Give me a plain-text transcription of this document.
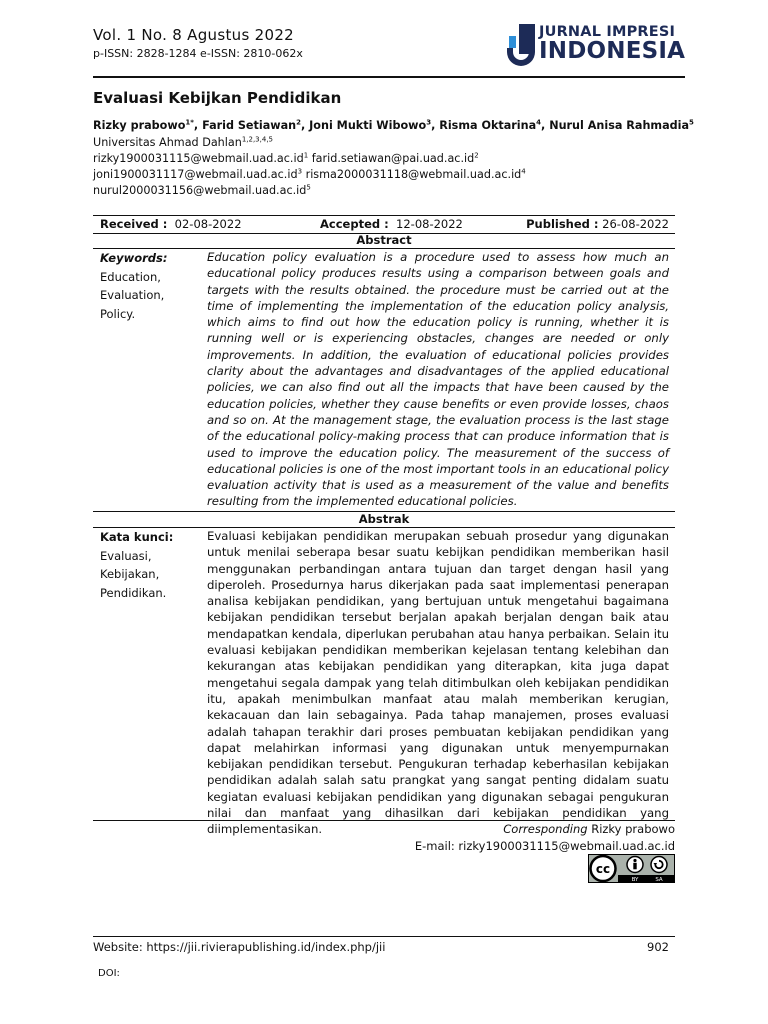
Vol. 1 No. 8 Agustus 2022
p-ISSN: 2828-1284 e-ISSN: 2810-062x
JURNAL IMPRESI
INDONESIA
Evaluasi Kebijkan Pendidikan
Rizky prabowo$^{1*}$, Farid Setiawan$^2$, Joni Mukti Wibowo$^3$, Risma Oktarina$^4$, Nurul Anisa Rahmadia$^5$
Universitas Ahmad Dahlan$^{1,2,3,4,5}$
$rizky1900031115@webmail.uad.ac.id^1$ $farid.setiawan@pai.uad.ac.id^2$
$joni1900031117@webmail.uad.ac.id^3$ $risma2000031118@webmail.uad.ac.id^4$
$nurul2000031156@webmail.uad.ac.id^5$
Received : 02-08-2022	Accepted : 12-08-2022	Published : 26-08-2022
Abstract
Keywords:
Education,
Evaluation,
Policy.
Education policy evaluation is a procedure used to assess how much an educational policy produces results using a comparison between goals and targets with the results obtained. the procedure must be carried out at the time of implementing the implementation of the education policy analysis, which aims to find out how the education policy is running, whether it is running well or is experiencing obstacles, changes are needed or only improvements. In addition, the evaluation of educational policies provides clarity about the advantages and disadvantages of the applied educational policies, we can also find out all the impacts that have been caused by the education policies, whether they cause benefits or even provide losses, chaos and so on. At the management stage, the evaluation process is the last stage of the educational policy-making process that can produce information that is used to improve the education policy. The measurement of the success of educational policies is one of the most important tools in an educational policy evaluation activity that is used as a measurement of the value and benefits resulting from the implemented educational policies.
Abstrak
Kata kunci:
Evaluasi,
Kebijakan,
Pendidikan.
Evaluasi kebijakan pendidikan merupakan sebuah prosedur yang digunakan untuk menilai seberapa besar suatu kebijkan pendidikan memberikan hasil menggunakan perbandingan antara tujuan dan target dengan hasil yang diperoleh. Prosedurnya harus dikerjakan pada saat implementasi penerapan analisa kebijakan pendidikan, yang bertujuan untuk mengetahui bagaimana kebijakan pendidikan tersebut berjalan apakah berjalan dengan baik atau mendapatkan kendala, diperlukan perubahan atau hanya perbaikan. Selain itu evaluasi kebijakan pendidikan memberikan kejelasan tentang kelebihan dan kekurangan atas kebijakan pendidikan yang diterapkan, kita juga dapat mengetahui segala dampak yang telah ditimbulkan oleh kebijakan pendidikan itu, apakah menimbulkan manfaat atau malah memberikan kerugian, kekacauan dan lain sebagainya. Pada tahap manajemen, proses evaluasi adalah tahapan terakhir dari proses pembuatan kebijakan pendidikan yang dapat melahirkan informasi yang digunakan untuk menyempurnakan kebijakan pendidikan tersebut. Pengukuran terhadap keberhasilan kebijakan pendidikan adalah salah satu prangkat yang sangat penting didalam suatu kegiatan evaluasi kebijakan pendidikan yang digunakan sebagai pengukuran nilai dan manfaat yang dihasilkan dari kebijakan pendidikan yang diimplementasikan.	Corresponding Rizky prabowo
E-mail: rizky1900031115@webmail.uad.ac.id
cc
BY	SA
Website: https://jii.rivierapublishing.id/index.php/jii	902
DOI:
